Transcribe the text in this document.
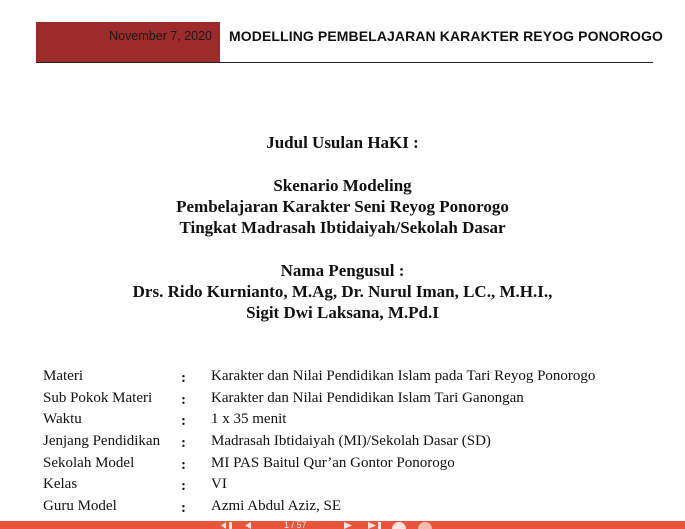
November 7, 2020 MODELLING PEMBELAJARAN KARAKTER REYOG PONOROGO
Judul Usulan HaKI :
Skenario Modeling
Pembelajaran Karakter Seni Reyog Ponorogo
Tingkat Madrasah Ibtidaiyah/Sekolah Dasar
Nama Pengusul :
Drs. Rido Kurnianto, M.Ag, Dr. Nurul Iman, LC., M.H.I.,
Sigit Dwi Laksana, M.Pd.I
Materi	: Karakter dan Nilai Pendidikan Islam pada Tari Reyog Ponorogo
Sub Pokok Materi : Karakter dan Nilai Pendidikan Islam Tari Ganongan
Waktu	: 1 x 35 menit
Jenjang Pendidikan : Madrasah Ibtidaiyah (MI)/Sekolah Dasar (SD)
Sekolah Model	: MI PAS Baitul Qur’an Gontor Ponorogo
Kelas	: VI
Guru Model	: Azmi Abdul Aziz, SE
1 / 57
